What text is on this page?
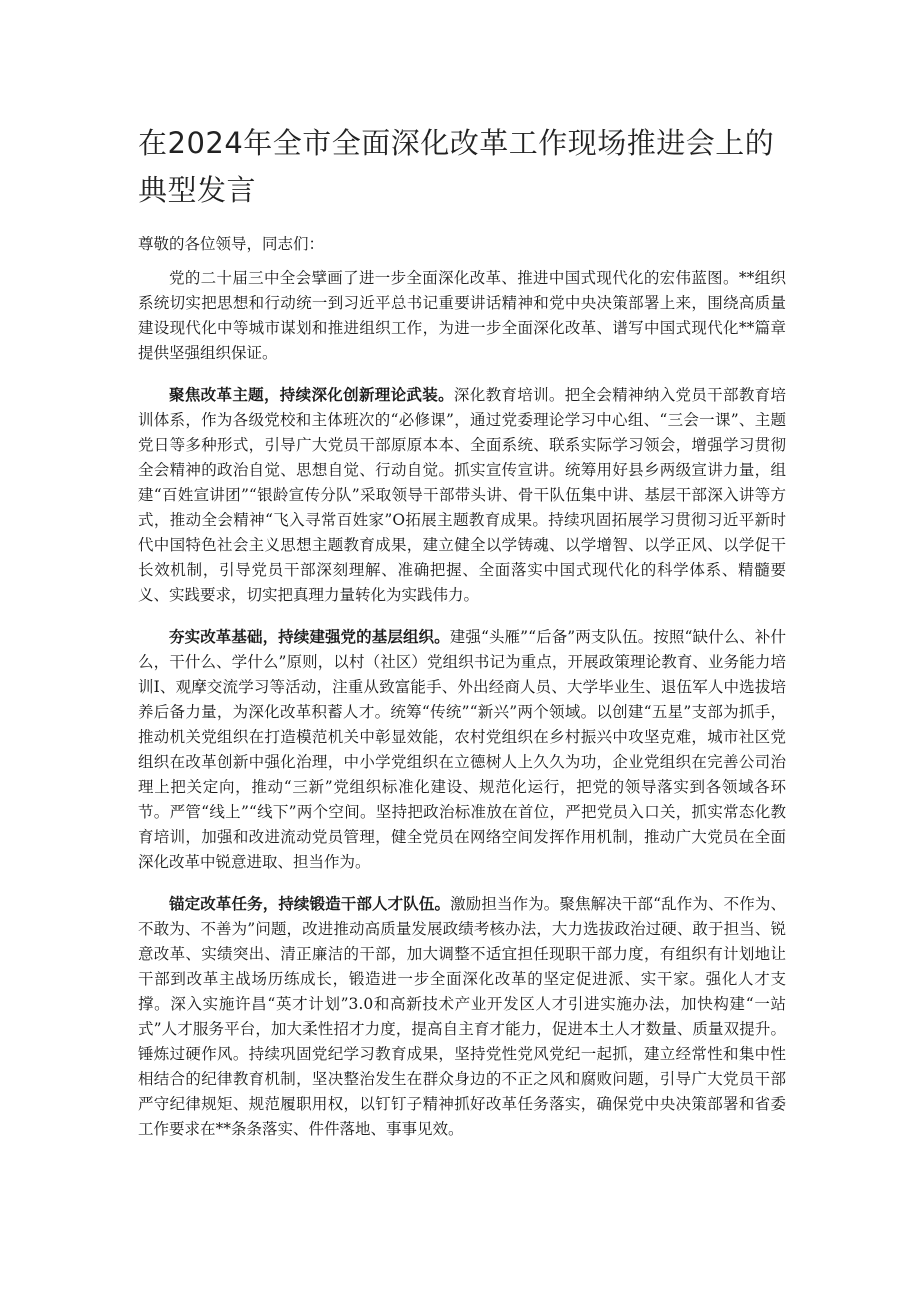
在2024年全市全面深化改革工作现场推进会上的典型发言

尊敬的各位领导，同志们：

党的二十届三中全会擘画了进一步全面深化改革、推进中国式现代化的宏伟蓝图。**组织系统切实把思想和行动统一到习近平总书记重要讲话精神和党中央决策部署上来，围绕高质量建设现代化中等城市谋划和推进组织工作，为进一步全面深化改革、谱写中国式现代化**篇章提供坚强组织保证。

聚焦改革主题，持续深化创新理论武装。深化教育培训。把全会精神纳入党员干部教育培训体系，作为各级党校和主体班次的“必修课”，通过党委理论学习中心组、“三会一课”、主题党日等多种形式，引导广大党员干部原原本本、全面系统、联系实际学习领会，增强学习贯彻全会精神的政治自觉、思想自觉、行动自觉。抓实宣传宣讲。统筹用好县乡两级宣讲力量，组建“百姓宣讲团”“银龄宣传分队”采取领导干部带头讲、骨干队伍集中讲、基层干部深入讲等方式，推动全会精神“飞入寻常百姓家”O拓展主题教育成果。持续巩固拓展学习贯彻习近平新时代中国特色社会主义思想主题教育成果，建立健全以学铸魂、以学增智、以学正风、以学促干长效机制，引导党员干部深刻理解、准确把握、全面落实中国式现代化的科学体系、精髓要义、实践要求，切实把真理力量转化为实践伟力。

夯实改革基础，持续建强党的基层组织。建强“头雁”“后备”两支队伍。按照“缺什么、补什么，干什么、学什么”原则，以村（社区）党组织书记为重点，开展政策理论教育、业务能力培训I、观摩交流学习等活动，注重从致富能手、外出经商人员、大学毕业生、退伍军人中选拔培养后备力量，为深化改革积蓄人才。统筹“传统”“新兴”两个领域。以创建“五星”支部为抓手，推动机关党组织在打造模范机关中彰显效能，农村党组织在乡村振兴中攻坚克难，城市社区党组织在改革创新中强化治理，中小学党组织在立德树人上久久为功，企业党组织在完善公司治理上把关定向，推动“三新”党组织标准化建设、规范化运行，把党的领导落实到各领域各环节。严管“线上”“线下”两个空间。坚持把政治标准放在首位，严把党员入口关，抓实常态化教育培训，加强和改进流动党员管理，健全党员在网络空间发挥作用机制，推动广大党员在全面深化改革中锐意进取、担当作为。

锚定改革任务，持续锻造干部人才队伍。激励担当作为。聚焦解决干部“乱作为、不作为、不敢为、不善为”问题，改进推动高质量发展政绩考核办法，大力选拔政治过硬、敢于担当、锐意改革、实绩突出、清正廉洁的干部，加大调整不适宜担任现职干部力度，有组织有计划地让干部到改革主战场历练成长，锻造进一步全面深化改革的坚定促进派、实干家。强化人才支撑。深入实施许昌“英才计划”3.0和高新技术产业开发区人才引进实施办法，加快构建“一站式”人才服务平台，加大柔性招才力度，提高自主育才能力，促进本土人才数量、质量双提升。锤炼过硬作风。持续巩固党纪学习教育成果，坚持党性党风党纪一起抓，建立经常性和集中性相结合的纪律教育机制，坚决整治发生在群众身边的不正之风和腐败问题，引导广大党员干部严守纪律规矩、规范履职用权，以钉钉子精神抓好改革任务落实，确保党中央决策部署和省委工作要求在**条条落实、件件落地、事事见效。
